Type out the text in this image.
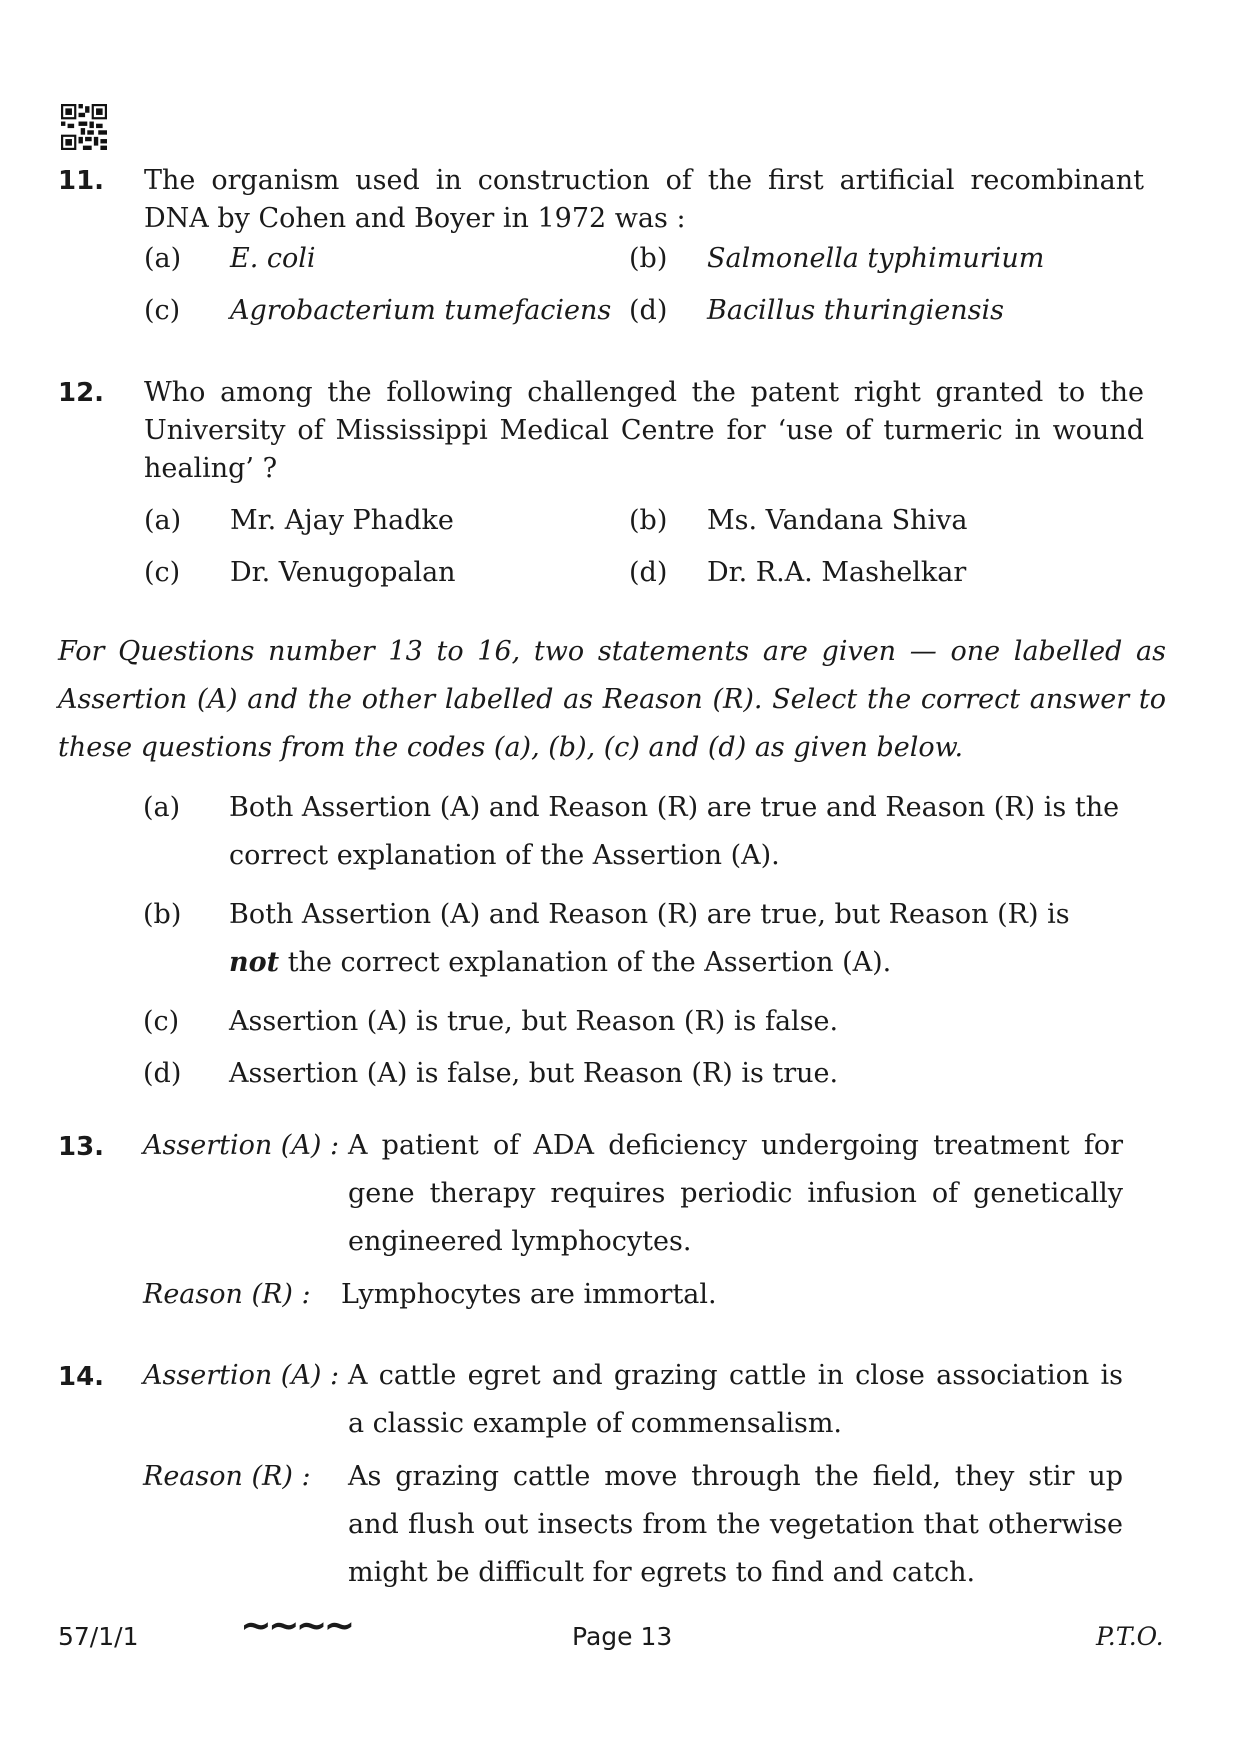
11. The organism used in construction of the first artificial recombinant DNA by Cohen and Boyer in 1972 was :
(a) E. coli	(b) Salmonella typhimurium
(c) Agrobacterium tumefaciens (d) Bacillus thuringiensis
12. Who among the following challenged the patent right granted to the University of Mississippi Medical Centre for ‘use of turmeric in wound healing’ ?
(a) Mr. Ajay Phadke	(b) Ms. Vandana Shiva
(c) Dr. Venugopalan	(d) Dr. R.A. Mashelkar
For Questions number 13 to 16, two statements are given — one labelled as Assertion (A) and the other labelled as Reason (R). Select the correct answer to these questions from the codes (a), (b), (c) and (d) as given below.
(a) Both Assertion (A) and Reason (R) are true and Reason (R) is the correct explanation of the Assertion (A).
(b) Both Assertion (A) and Reason (R) are true, but Reason (R) is not the correct explanation of the Assertion (A).
(c) Assertion (A) is true, but Reason (R) is false.
(d) Assertion (A) is false, but Reason (R) is true.
13. Assertion (A) : A patient of ADA deficiency undergoing treatment for gene therapy requires periodic infusion of genetically engineered lymphocytes.
Reason (R) : Lymphocytes are immortal.
14. Assertion (A) : A cattle egret and grazing cattle in close association is a classic example of commensalism.
Reason (R) : As grazing cattle move through the field, they stir up and flush out insects from the vegetation that otherwise might be difficult for egrets to find and catch.
57/1/1	∼∼∼∼	Page 13	P.T.O.
